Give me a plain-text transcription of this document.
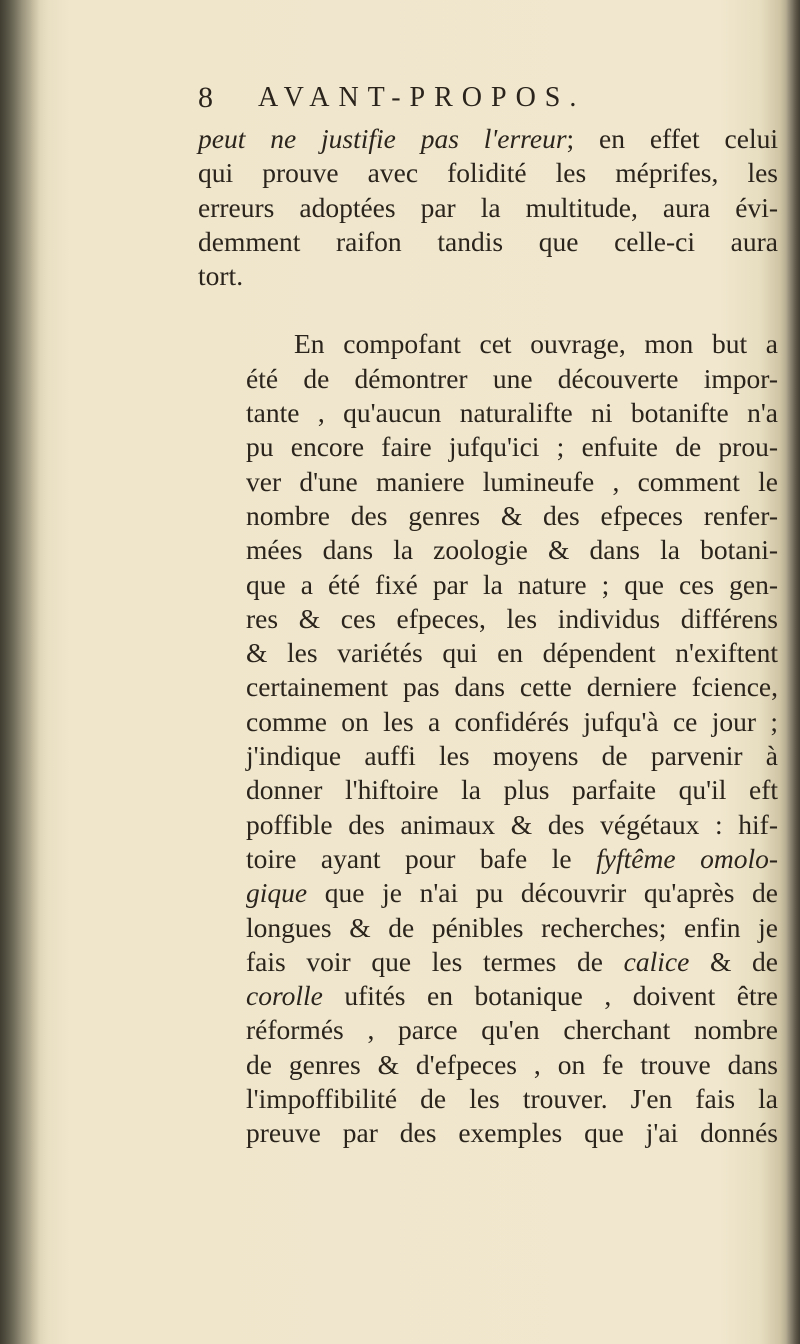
8 AVANT-PROPOS.

peut ne justifie pas l'erreur; en effet celui
qui prouve avec folidité les méprifes, les
erreurs adoptées par la multitude, aura évi-
demment raifon tandis que celle-ci aura
tort.

En compofant cet ouvrage, mon but a
été de démontrer une découverte impor-
tante , qu'aucun naturalifte ni botanifte n'a
pu encore faire jufqu'ici ; enfuite de prou-
ver d'une maniere lumineufe , comment le
nombre des genres & des efpeces renfer-
mées dans la zoologie & dans la botani-
que a été fixé par la nature ; que ces gen-
res & ces efpeces, les individus différens
& les variétés qui en dépendent n'exiftent
certainement pas dans cette derniere fcience,
comme on les a confidérés jufqu'à ce jour ;
j'indique auffi les moyens de parvenir à
donner l'hiftoire la plus parfaite qu'il eft
poffible des animaux & des végétaux : hif-
toire ayant pour bafe le fyftême omolo-
gique que je n'ai pu découvrir qu'après de
longues & de pénibles recherches; enfin je
fais voir que les termes de calice & de
corolle ufités en botanique , doivent être
réformés , parce qu'en cherchant nombre
de genres & d'efpeces , on fe trouve dans
l'impoffibilité de les trouver. J'en fais la
preuve par des exemples que j'ai donnés
